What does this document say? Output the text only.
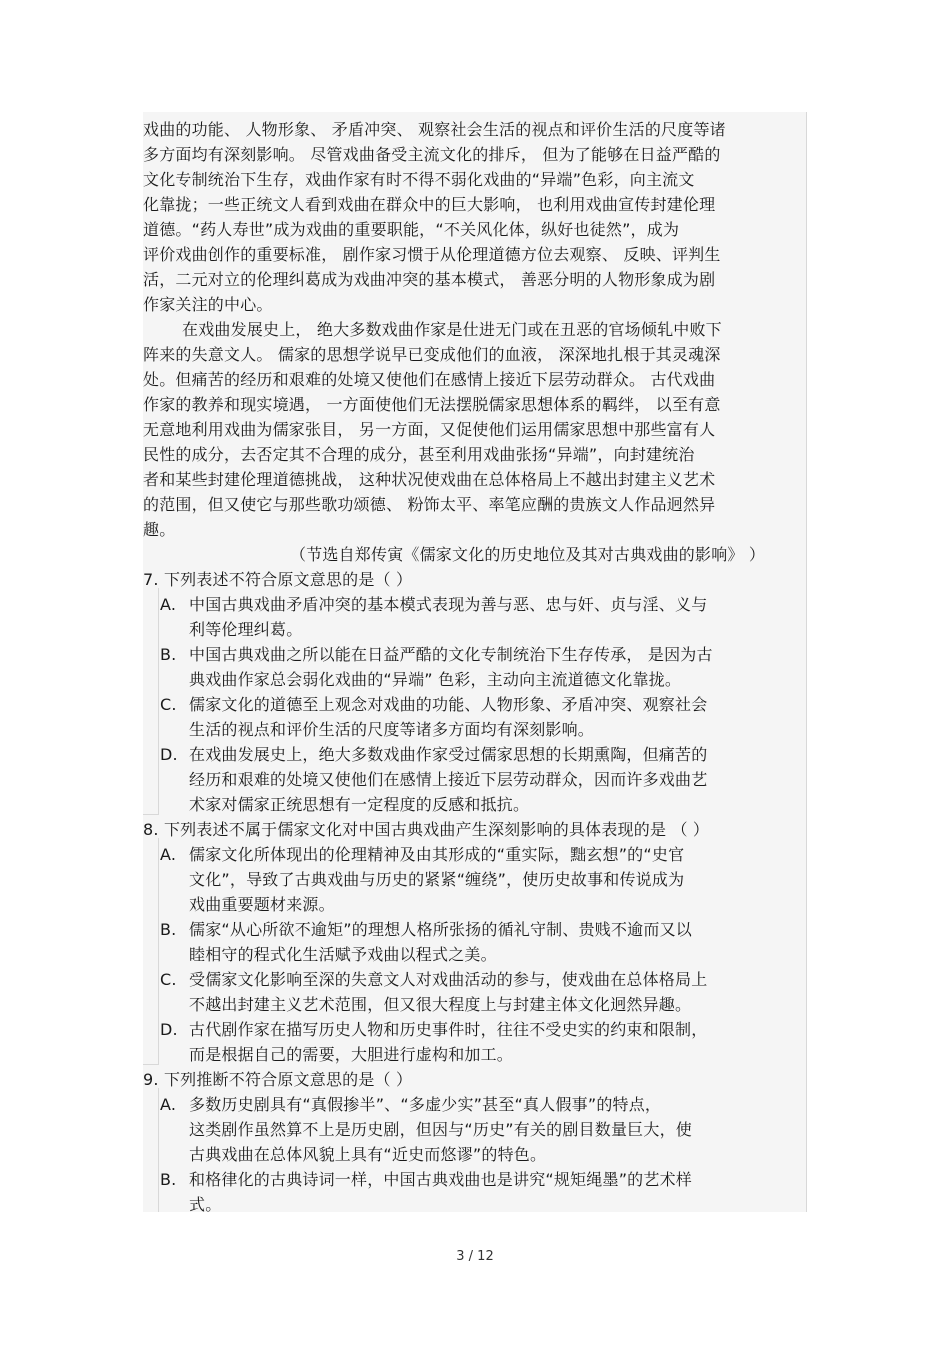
戏曲的功能、 人物形象、 矛盾冲突、 观察社会生活的视点和评价生活的尺度等诸
多方面均有深刻影响。 尽管戏曲备受主流文化的排斥， 但为了能够在日益严酷的
文化专制统治下生存，戏曲作家有时不得不弱化戏曲的“异端”色彩，向主流文
化靠拢；一些正统文人看到戏曲在群众中的巨大影响， 也利用戏曲宣传封建伦理
道德。“药人寿世”成为戏曲的重要职能，“不关风化体，纵好也徒然”，成为
评价戏曲创作的重要标准， 剧作家习惯于从伦理道德方位去观察、 反映、评判生
活，二元对立的伦理纠葛成为戏曲冲突的基本模式， 善恶分明的人物形象成为剧
作家关注的中心。
在戏曲发展史上， 绝大多数戏曲作家是仕进无门或在丑恶的官场倾轧中败下
阵来的失意文人。 儒家的思想学说早已变成他们的血液， 深深地扎根于其灵魂深
处。但痛苦的经历和艰难的处境又使他们在感情上接近下层劳动群众。 古代戏曲
作家的教养和现实境遇， 一方面使他们无法摆脱儒家思想体系的羁绊， 以至有意
无意地利用戏曲为儒家张目， 另一方面，又促使他们运用儒家思想中那些富有人
民性的成分，去否定其不合理的成分，甚至利用戏曲张扬“异端”，向封建统治
者和某些封建伦理道德挑战， 这种状况使戏曲在总体格局上不越出封建主义艺术
的范围，但又使它与那些歌功颂德、 粉饰太平、率笔应酬的贵族文人作品迥然异
趣。
（节选自郑传寅《儒家文化的历史地位及其对古典戏曲的影响》 ）
7. 下列表述不符合原文意思的是（ ）
A. 中国古典戏曲矛盾冲突的基本模式表现为善与恶、忠与奸、贞与淫、义与
利等伦理纠葛。
B. 中国古典戏曲之所以能在日益严酷的文化专制统治下生存传承， 是因为古
典戏曲作家总会弱化戏曲的“异端” 色彩，主动向主流道德文化靠拢。
C. 儒家文化的道德至上观念对戏曲的功能、人物形象、矛盾冲突、观察社会
生活的视点和评价生活的尺度等诸多方面均有深刻影响。
D. 在戏曲发展史上，绝大多数戏曲作家受过儒家思想的长期熏陶，但痛苦的
经历和艰难的处境又使他们在感情上接近下层劳动群众，因而许多戏曲艺
术家对儒家正统思想有一定程度的反感和抵抗。
8. 下列表述不属于儒家文化对中国古典戏曲产生深刻影响的具体表现的是 （ ）
A. 儒家文化所体现出的伦理精神及由其形成的“重实际，黜玄想”的“史官
文化”，导致了古典戏曲与历史的紧紧“缠绕”，使历史故事和传说成为
戏曲重要题材来源。
B. 儒家“从心所欲不逾矩”的理想人格所张扬的循礼守制、贵贱不逾而又以
睦相守的程式化生活赋予戏曲以程式之美。
C. 受儒家文化影响至深的失意文人对戏曲活动的参与，使戏曲在总体格局上
不越出封建主义艺术范围，但又很大程度上与封建主体文化迥然异趣。
D. 古代剧作家在描写历史人物和历史事件时，往往不受史实的约束和限制，
而是根据自己的需要，大胆进行虚构和加工。
9. 下列推断不符合原文意思的是（ ）
A. 多数历史剧具有“真假掺半”、“多虚少实”甚至“真人假事”的特点，
这类剧作虽然算不上是历史剧，但因与“历史”有关的剧目数量巨大，使
古典戏曲在总体风貌上具有“近史而悠谬”的特色。
B. 和格律化的古典诗词一样，中国古典戏曲也是讲究“规矩绳墨”的艺术样
式。
3 / 12
